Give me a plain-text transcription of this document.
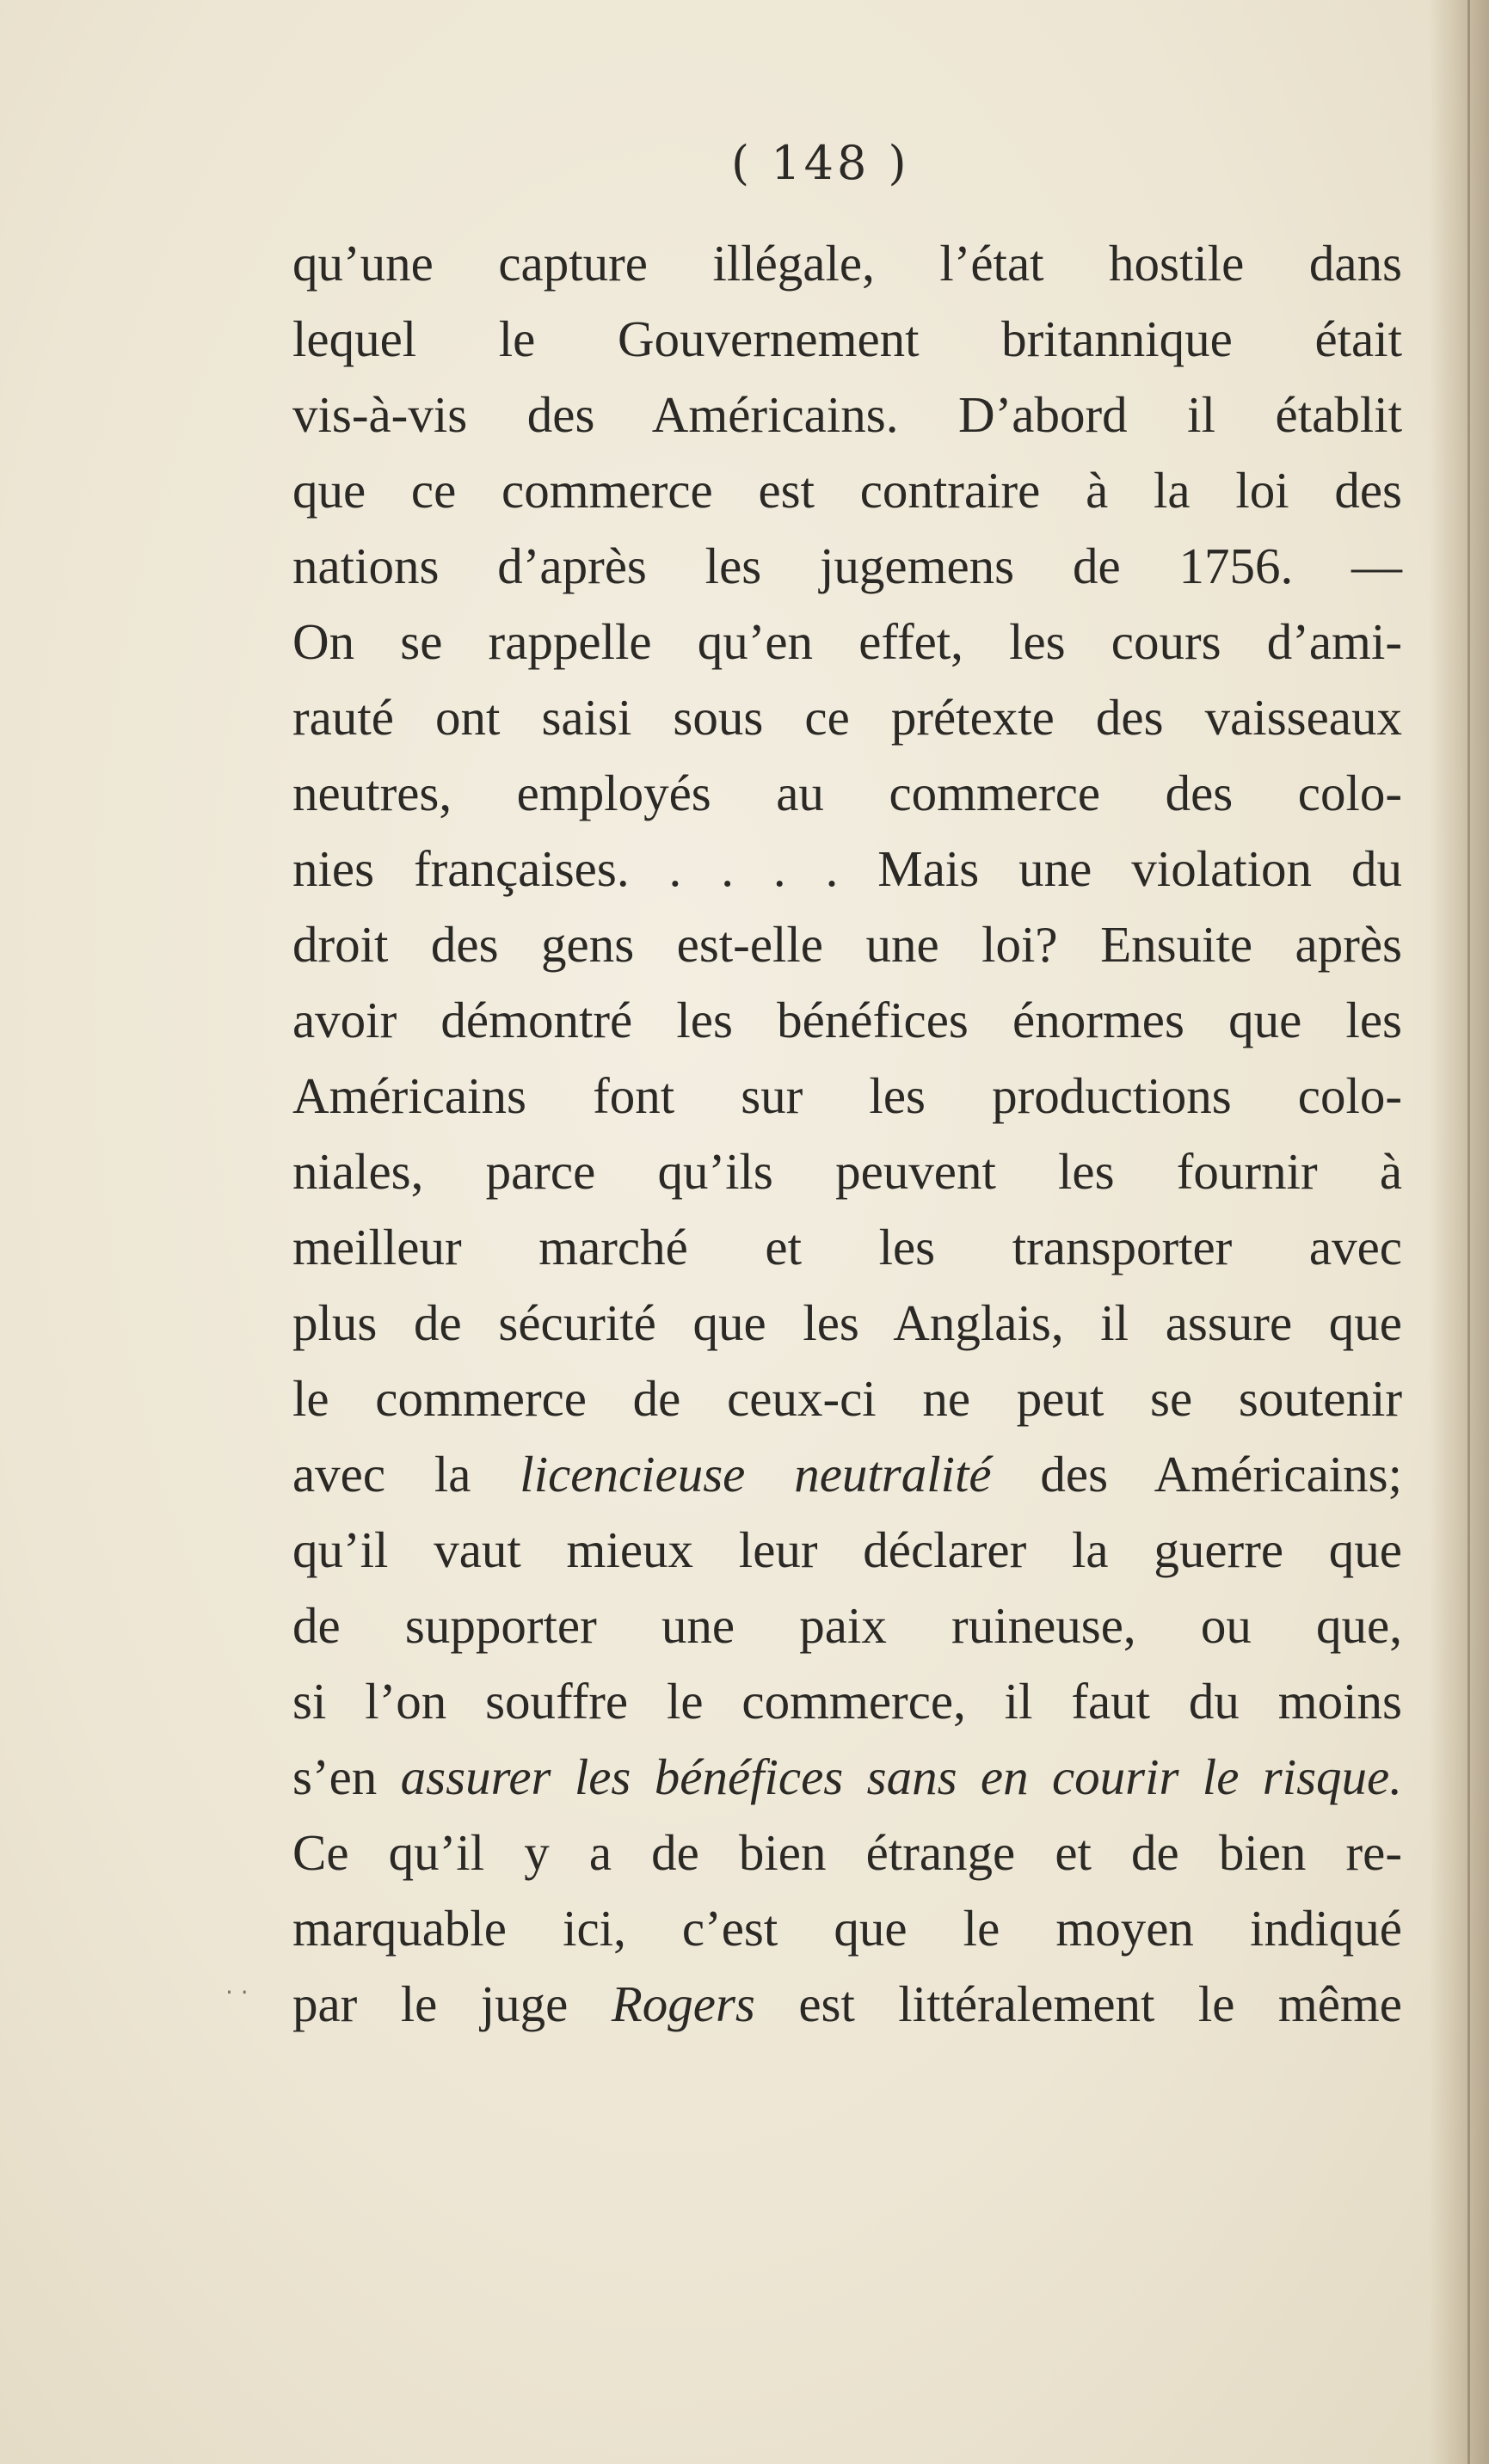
( 148 )
qu’une capture illégale, l’état hostile dans
lequel le Gouvernement britannique était
vis-à-vis des Américains. D’abord il établit
que ce commerce est contraire à la loi des
nations d’après les jugemens de 1756. —
On se rappelle qu’en effet, les cours d’ami-
rauté ont saisi sous ce prétexte des vaisseaux
neutres, employés au commerce des colo-
nies françaises. . . . . Mais une violation du
droit des gens est-elle une loi? Ensuite après
avoir démontré les bénéfices énormes que les
Américains font sur les productions colo-
niales, parce qu’ils peuvent les fournir à
meilleur marché et les transporter avec
plus de sécurité que les Anglais, il assure que
le commerce de ceux-ci ne peut se soutenir
avec la licencieuse neutralité des Américains;
qu’il vaut mieux leur déclarer la guerre que
de supporter une paix ruineuse, ou que,
si l’on souffre le commerce, il faut du moins
s’en assurer les bénéfices sans en courir le risque.
Ce qu’il y a de bien étrange et de bien re-
marquable ici, c’est que le moyen indiqué
par le juge Rogers est littéralement le même
· ·
